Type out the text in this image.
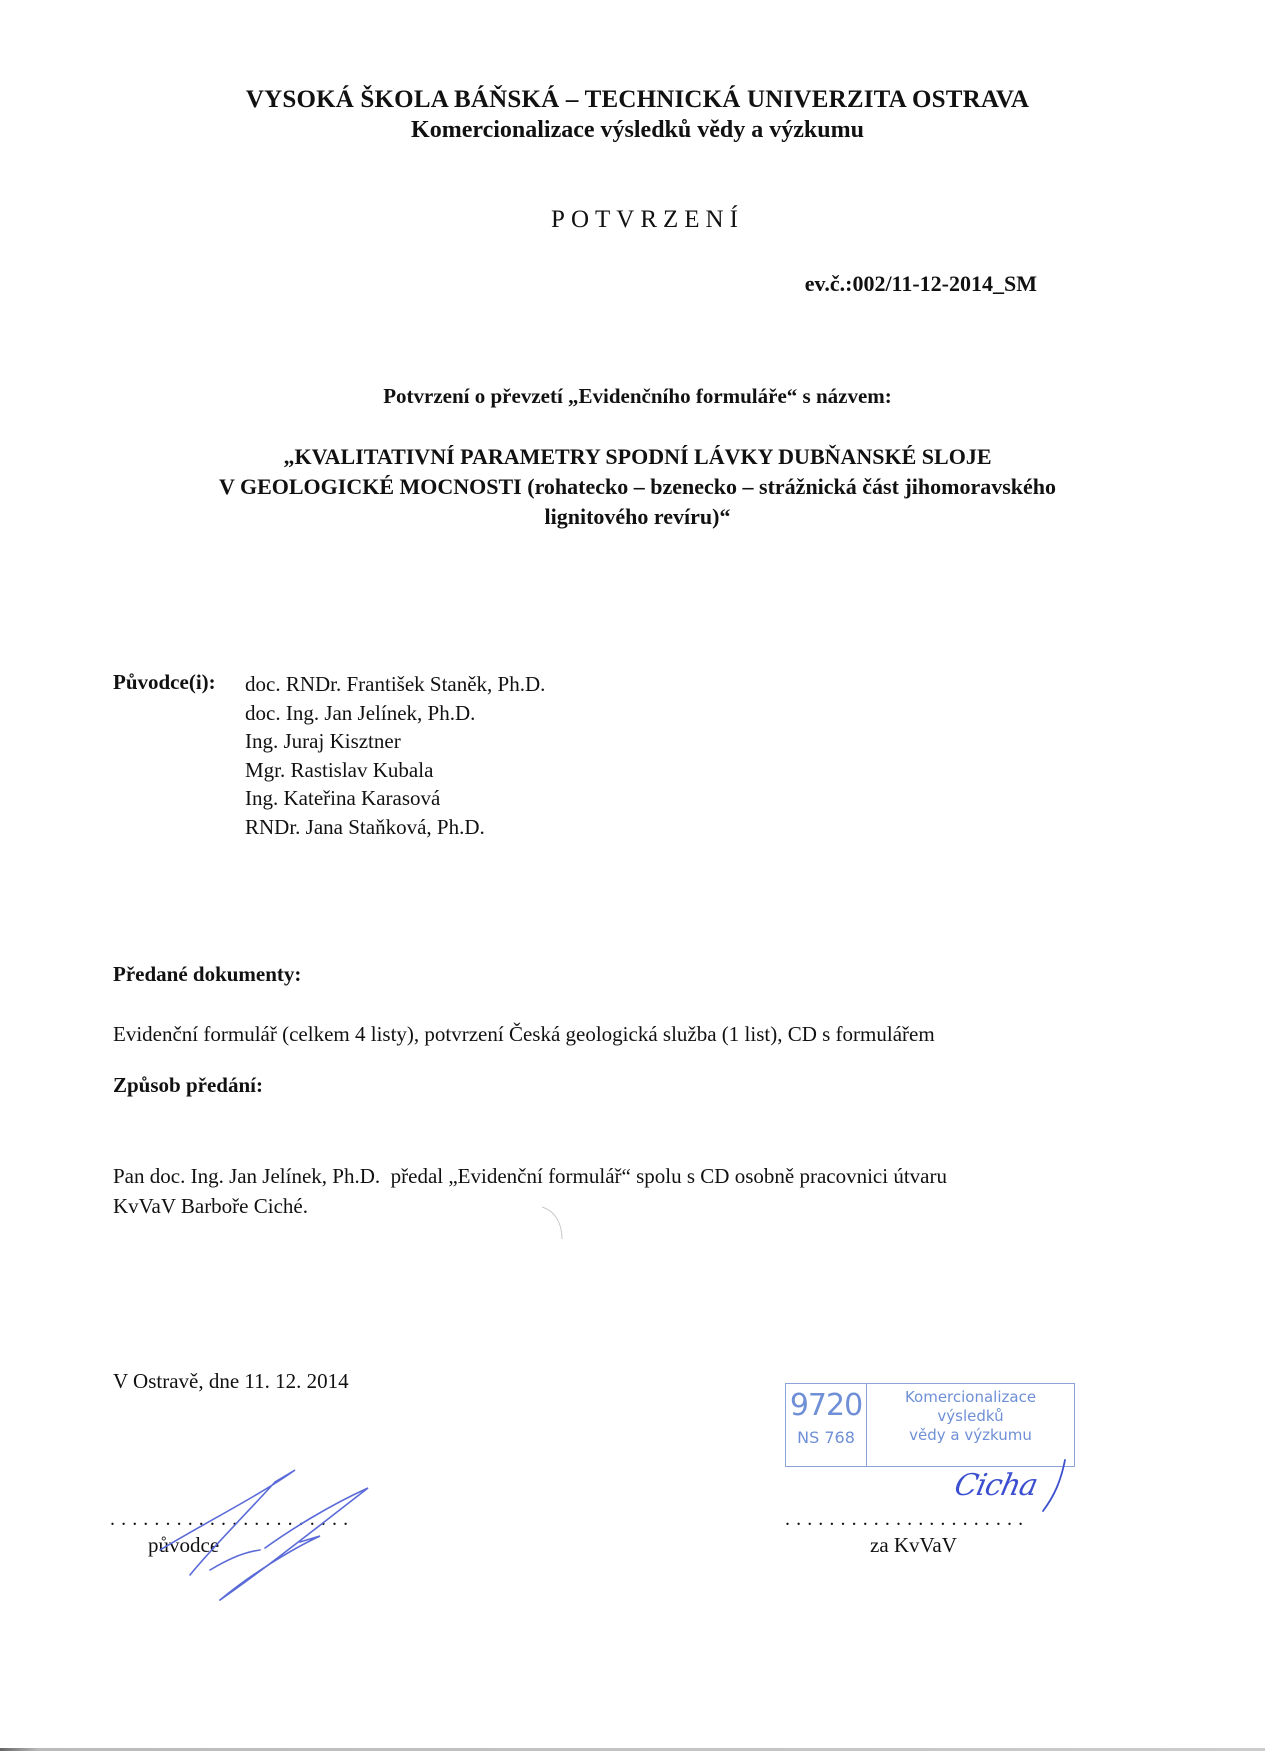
VYSOKÁ ŠKOLA BÁŇSKÁ – TECHNICKÁ UNIVERZITA OSTRAVA
Komercionalizace výsledků vědy a výzkumu
POTVRZENÍ
ev.č.:002/11-12-2014_SM
Potvrzení o převzetí „Evidenčního formuláře“ s názvem:
„KVALITATIVNÍ PARAMETRY SPODNÍ LÁVKY DUBŇANSKÉ SLOJE
V GEOLOGICKÉ MOCNOSTI (rohatecko – bzenecko – strážnická část jihomoravského
lignitového revíru)“
Původce(i): doc. RNDr. František Staněk, Ph.D.
doc. Ing. Jan Jelínek, Ph.D.
Ing. Juraj Kisztner
Mgr. Rastislav Kubala
Ing. Kateřina Karasová
RNDr. Jana Staňková, Ph.D.
Předané dokumenty:
Evidenční formulář (celkem 4 listy), potvrzení Česká geologická služba (1 list), CD s formulářem
Způsob předání:
Pan doc. Ing. Jan Jelínek, Ph.D.  předal „Evidenční formulář“ spolu s CD osobně pracovnici útvaru
KvVaV Barboře Ciché.
V Ostravě, dne 11. 12. 2014
......................
původce
9720
NS 768
Komercionalizace
výsledků
vědy a výzkumu
Cicha
......................
za KvVaV
